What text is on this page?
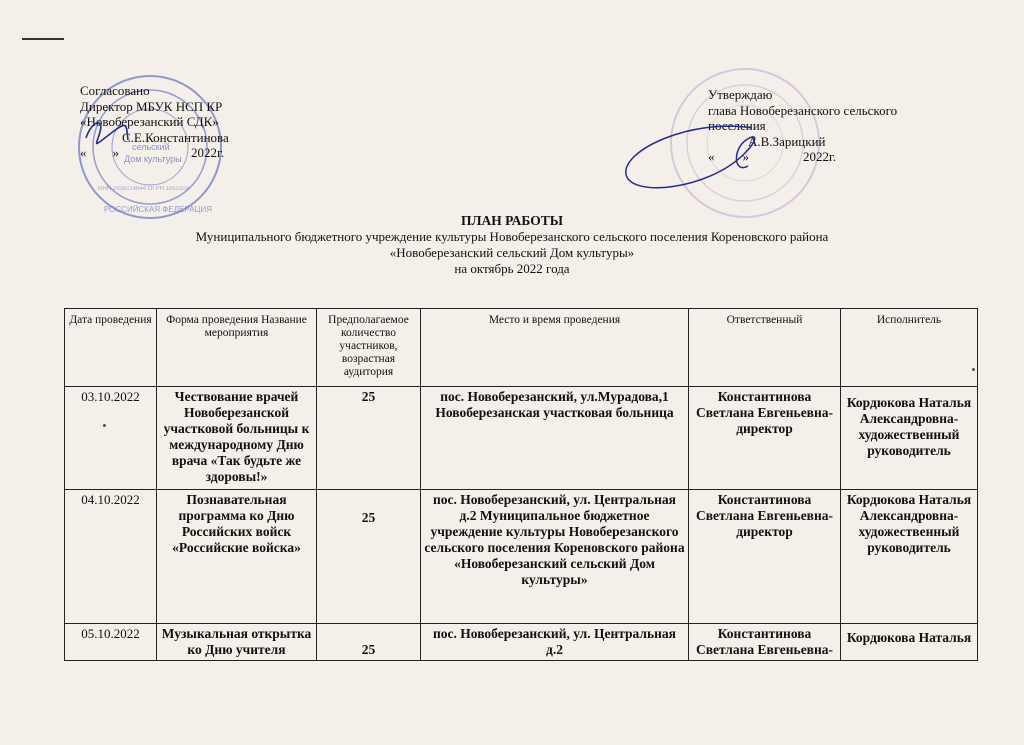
сельский
Дом культуры
РОССИЙСКАЯ ФЕДЕРАЦИЯ
ИНН 2335014644 ОГРН 1052319
Согласовано
Директор МБУК НСП КР
«Новоберезанский СДК»
С.Е.Константинова
« »	2022г.
Утверждаю
глава Новоберезанского сельского
поселения
А.В.Зарицкий
« »	2022г.
ПЛАН РАБОТЫ
Муниципального бюджетного учреждение культуры Новоберезанского сельского поселения Кореновского района
«Новоберезанский сельский Дом культуры»
на октябрь 2022 года
Дата проведения	Форма проведения Название мероприятия	Предполагаемое количество участников, возрастная аудитория	Место и время проведения	Ответственный	Исполнитель
03.10.2022	Чествование врачей Новоберезанской участковой больницы к международному Дню врача «Так будьте же здоровы!»	25	пос. Новоберезанский, ул.Мурадова,1 Новоберезанская участковая больница	Константинова Светлана Евгеньевна- директор	Кордюкова Наталья Александровна- художественный руководитель
04.10.2022	Познавательная программа ко Дню Российских войск «Российские войска»	25	пос. Новоберезанский, ул. Центральная д.2 Муниципальное бюджетное учреждение культуры Новоберезанского сельского поселения Кореновского района «Новоберезанский сельский Дом культуры»	Константинова Светлана Евгеньевна- директор	Кордюкова Наталья Александровна- художественный руководитель
05.10.2022	Музыкальная открытка ко Дню учителя	25	пос. Новоберезанский, ул. Центральная д.2	Константинова Светлана Евгеньевна-	Кордюкова Наталья
